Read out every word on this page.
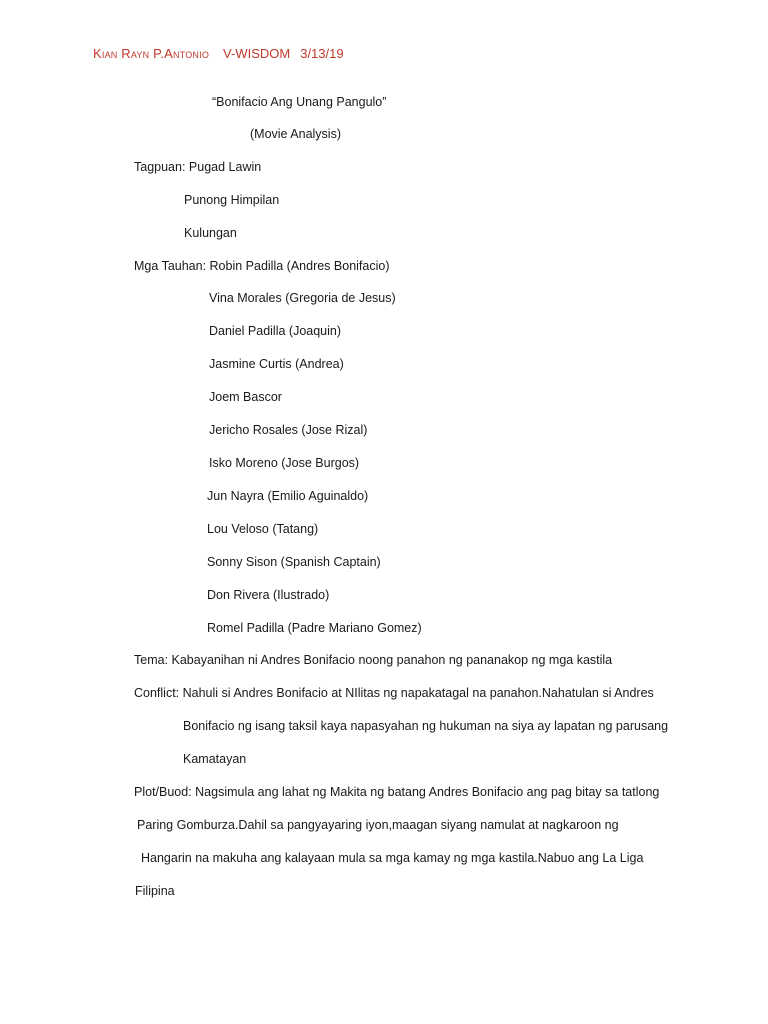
Kian Rayn P.Antonio V-WISDOM 3/13/19
“Bonifacio Ang Unang Pangulo”
(Movie Analysis)
Tagpuan: Pugad Lawin
Punong Himpilan
Kulungan
Mga Tauhan: Robin Padilla (Andres Bonifacio)
Vina Morales (Gregoria de Jesus)
Daniel Padilla (Joaquin)
Jasmine Curtis (Andrea)
Joem Bascor
Jericho Rosales (Jose Rizal)
Isko Moreno (Jose Burgos)
Jun Nayra (Emilio Aguinaldo)
Lou Veloso (Tatang)
Sonny Sison (Spanish Captain)
Don Rivera (Ilustrado)
Romel Padilla (Padre Mariano Gomez)
Tema: Kabayanihan ni Andres Bonifacio noong panahon ng pananakop ng mga kastila
Conflict: Nahuli si Andres Bonifacio at NIlitas ng napakatagal na panahon.Nahatulan si Andres
Bonifacio ng isang taksil kaya napasyahan ng hukuman na siya ay lapatan ng parusang
Kamatayan
Plot/Buod: Nagsimula ang lahat ng Makita ng batang Andres Bonifacio ang pag bitay sa tatlong
Paring Gomburza.Dahil sa pangyayaring iyon,maagan siyang namulat at nagkaroon ng
Hangarin na makuha ang kalayaan mula sa mga kamay ng mga kastila.Nabuo ang La Liga
Filipina
